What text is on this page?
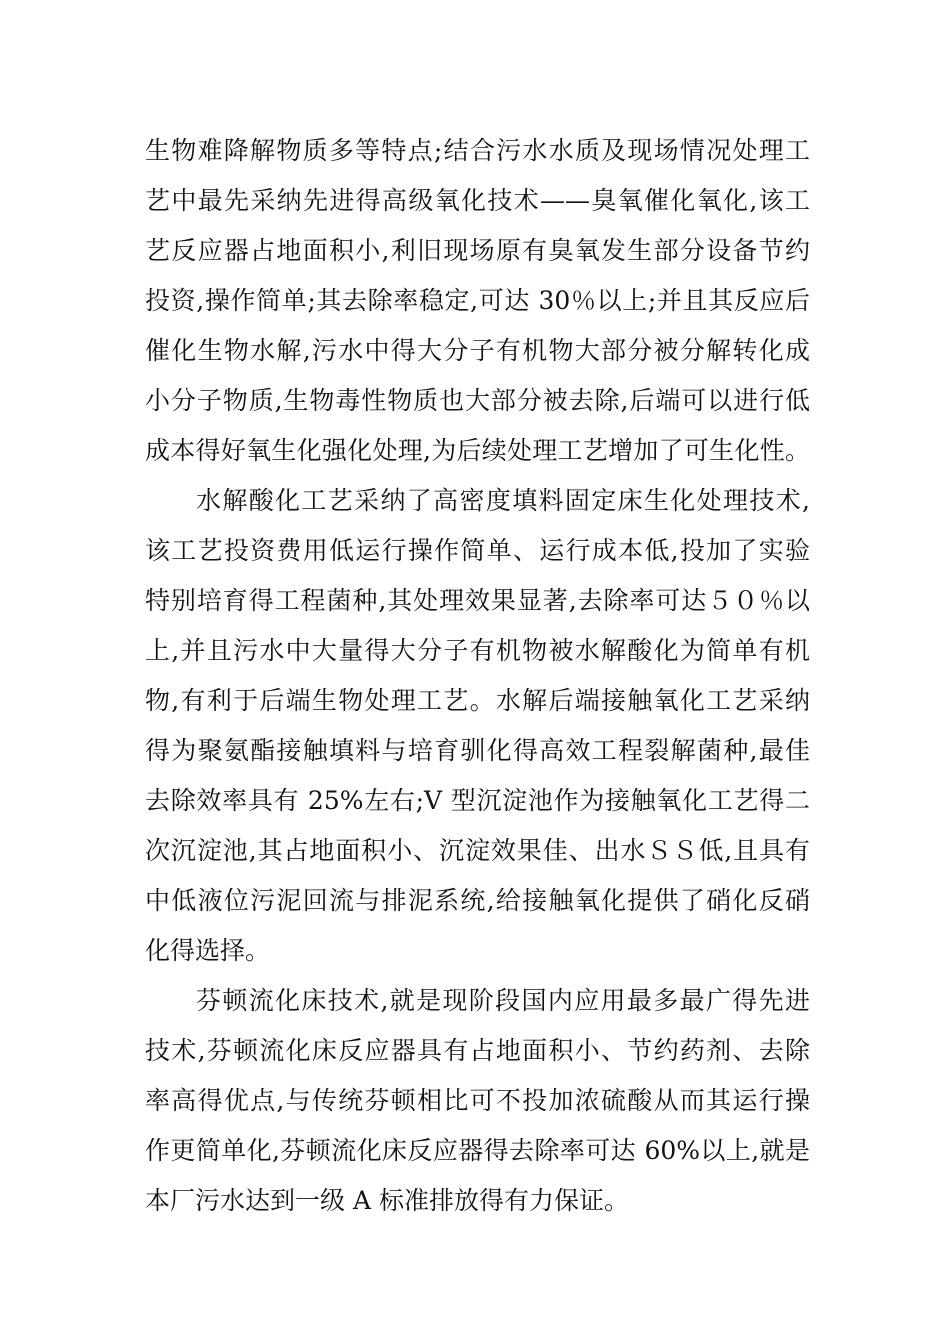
生物难降解物质多等特点;结合污水水质及现场情况处理工
艺中最先采纳先进得高级氧化技术——臭氧催化氧化,该工
艺反应器占地面积小,利旧现场原有臭氧发生部分设备节约
投资,操作简单;其去除率稳定,可达 30％以上;并且其反应后
催化生物水解,污水中得大分子有机物大部分被分解转化成
小分子物质,生物毒性物质也大部分被去除,后端可以进行低
成本得好氧生化强化处理,为后续处理工艺增加了可生化性。
水解酸化工艺采纳了高密度填料固定床生化处理技术,
该工艺投资费用低运行操作简单、运行成本低,投加了实验
特别培育得工程菌种,其处理效果显著,去除率可达５０％以
上,并且污水中大量得大分子有机物被水解酸化为简单有机
物,有利于后端生物处理工艺。水解后端接触氧化工艺采纳
得为聚氨酯接触填料与培育驯化得高效工程裂解菌种,最佳
去除效率具有 25%左右;V 型沉淀池作为接触氧化工艺得二
次沉淀池,其占地面积小、沉淀效果佳、出水ＳＳ低,且具有
中低液位污泥回流与排泥系统,给接触氧化提供了硝化反硝
化得选择。
芬顿流化床技术,就是现阶段国内应用最多最广得先进
技术,芬顿流化床反应器具有占地面积小、节约药剂、去除
率高得优点,与传统芬顿相比可不投加浓硫酸从而其运行操
作更简单化,芬顿流化床反应器得去除率可达 60%以上,就是
本厂污水达到一级 A 标准排放得有力保证。
